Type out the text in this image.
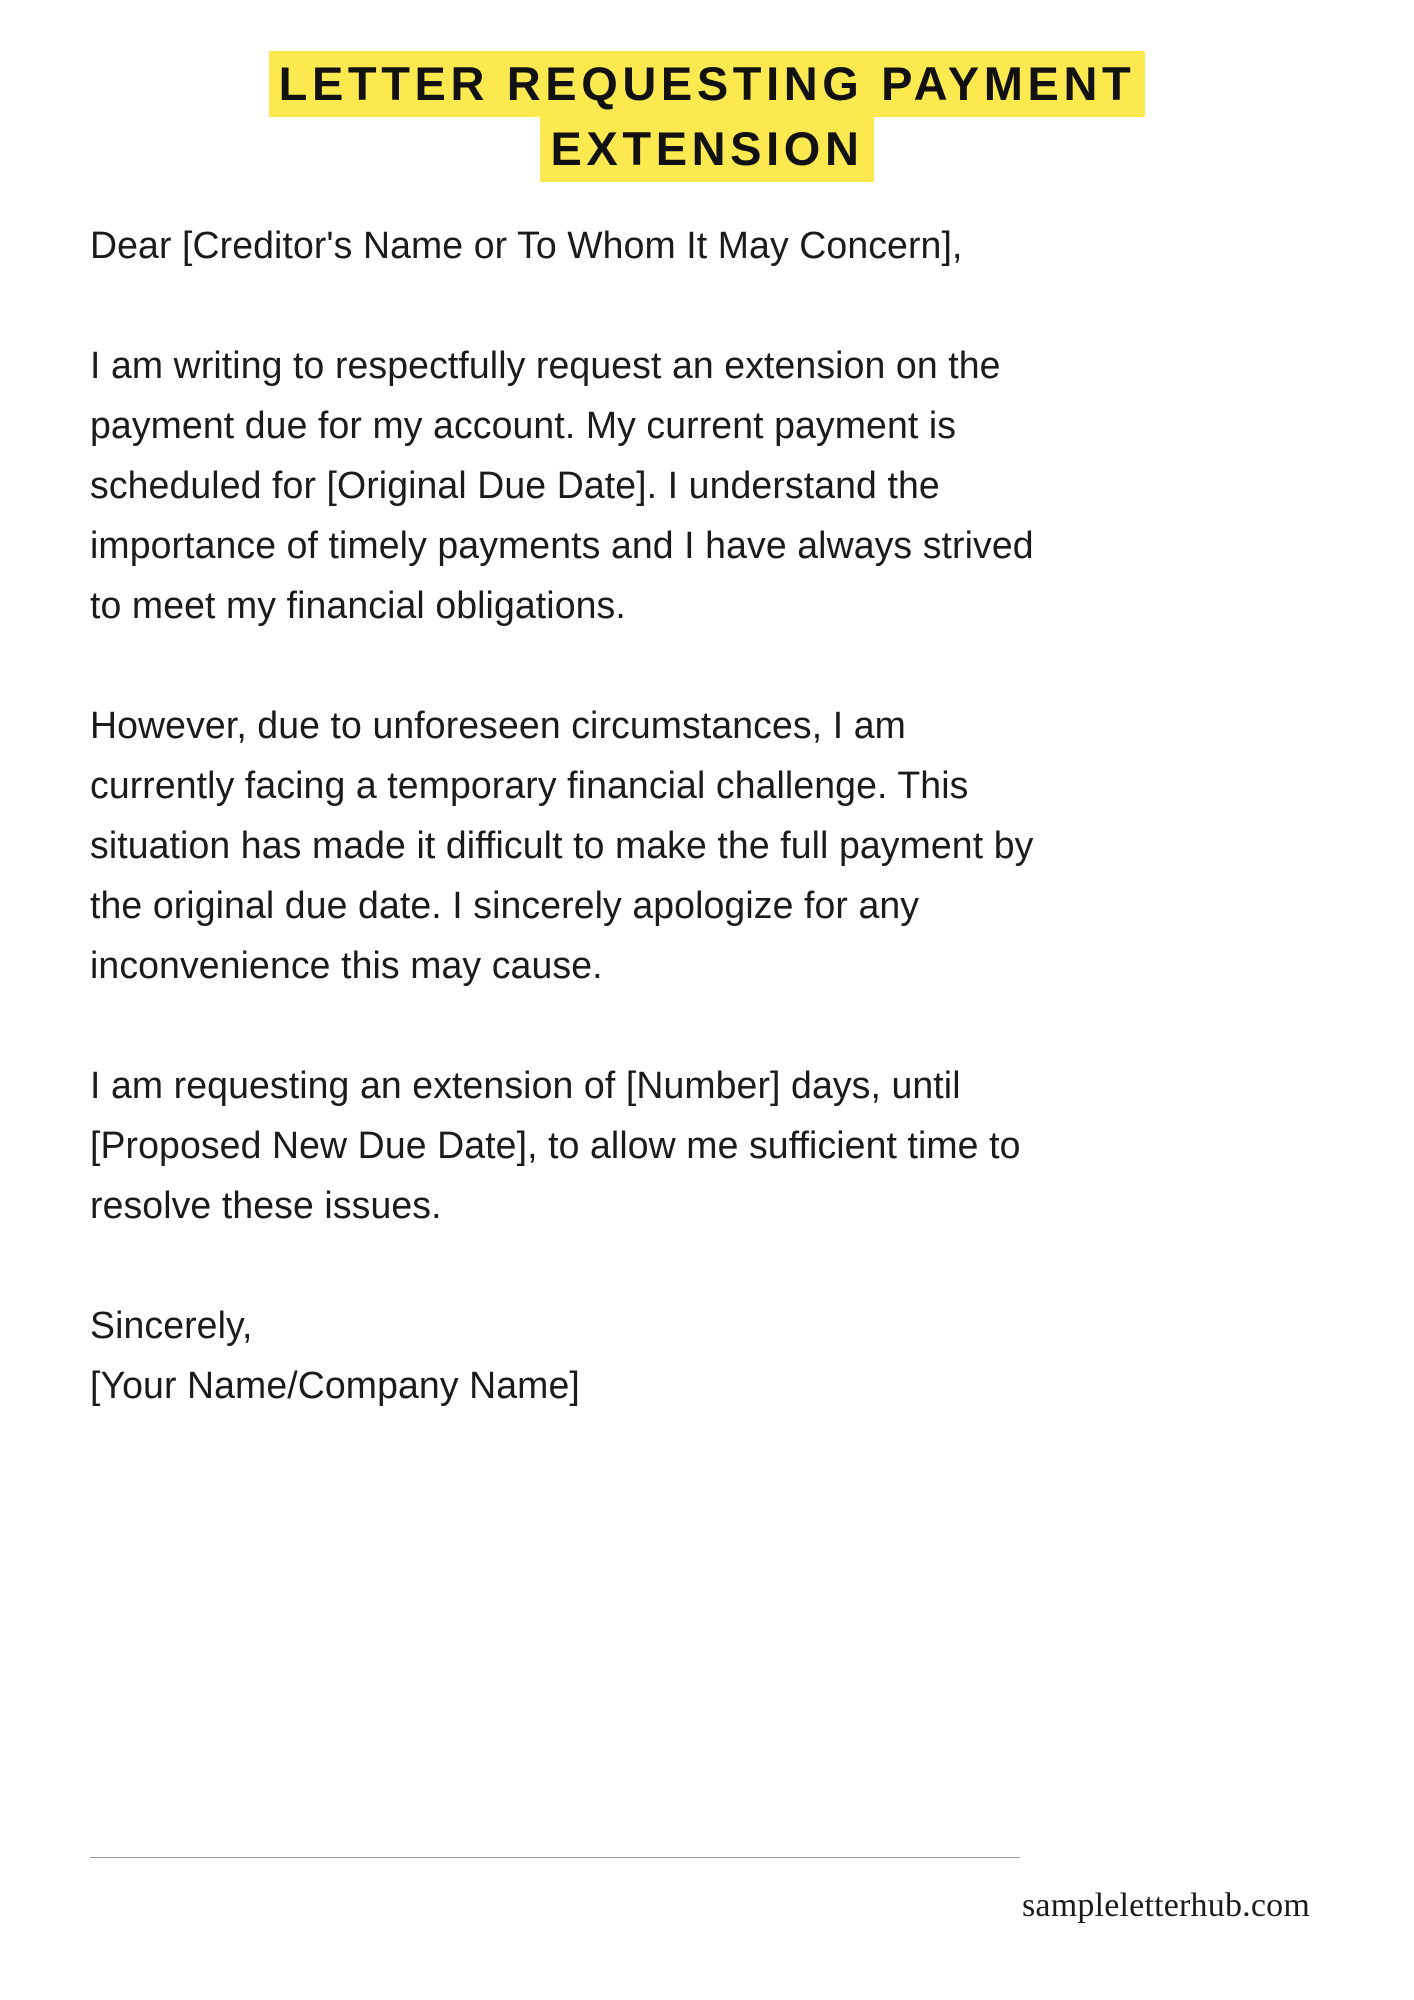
LETTER REQUESTING PAYMENT
EXTENSION

Dear [Creditor's Name or To Whom It May Concern],

I am writing to respectfully request an extension on the payment due for my account. My current payment is scheduled for [Original Due Date]. I understand the importance of timely payments and I have always strived to meet my financial obligations.

However, due to unforeseen circumstances, I am currently facing a temporary financial challenge. This situation has made it difficult to make the full payment by the original due date. I sincerely apologize for any inconvenience this may cause.

I am requesting an extension of [Number] days, until [Proposed New Due Date], to allow me sufficient time to resolve these issues.

Sincerely,
[Your Name/Company Name]
sampleletterhub.com
